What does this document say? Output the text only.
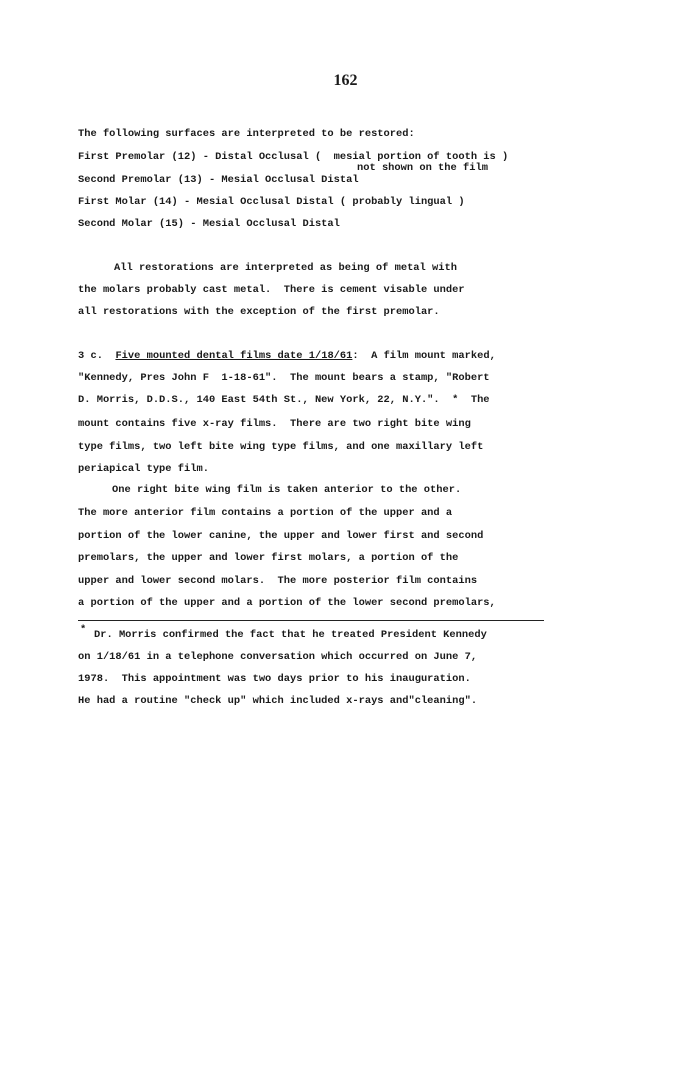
162
The following surfaces are interpreted to be restored:
First Premolar (12) - Distal Occlusal (  mesial portion of tooth is )
not shown on the film
Second Premolar (13) - Mesial Occlusal Distal
First Molar (14) - Mesial Occlusal Distal ( probably lingual )
Second Molar (15) - Mesial Occlusal Distal
All restorations are interpreted as being of metal with
the molars probably cast metal.  There is cement visable under
all restorations with the exception of the first premolar.
3 c. Five mounted dental films date 1/18/61:  A film mount marked,
"Kennedy, Pres John F  1-18-61".  The mount bears a stamp, "Robert
D. Morris, D.D.S., 140 East 54th St., New York, 22, N.Y.".  *  The
mount contains five x-ray films.  There are two right bite wing
type films, two left bite wing type films, and one maxillary left
periapical type film.
One right bite wing film is taken anterior to the other.
The more anterior film contains a portion of the upper and a
portion of the lower canine, the upper and lower first and second
premolars, the upper and lower first molars, a portion of the
upper and lower second molars.  The more posterior film contains
a portion of the upper and a portion of the lower second premolars,
* Dr. Morris confirmed the fact that he treated President Kennedy
on 1/18/61 in a telephone conversation which occurred on June 7,
1978.  This appointment was two days prior to his inauguration.
He had a routine "check up" which included x-rays and"cleaning".
